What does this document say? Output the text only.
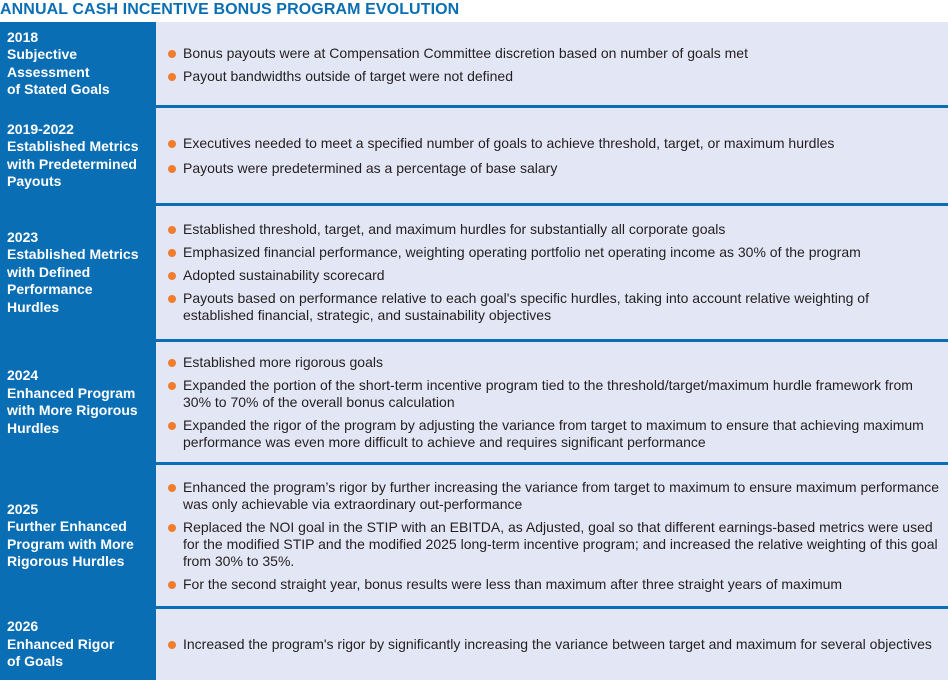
ANNUAL CASH INCENTIVE BONUS PROGRAM EVOLUTION
2018
Subjective
Assessment
of Stated Goals
Bonus payouts were at Compensation Committee discretion based on number of goals met
Payout bandwidths outside of target were not defined
2019-2022
Established Metrics
with Predetermined
Payouts
Executives needed to meet a specified number of goals to achieve threshold, target, or maximum hurdles
Payouts were predetermined as a percentage of base salary
2023
Established Metrics
with Defined
Performance Hurdles
Established threshold, target, and maximum hurdles for substantially all corporate goals
Emphasized financial performance, weighting operating portfolio net operating income as 30% of the program
Adopted sustainability scorecard
Payouts based on performance relative to each goal's specific hurdles, taking into account relative weighting of established financial, strategic, and sustainability objectives
2024
Enhanced Program
with More Rigorous
Hurdles
Established more rigorous goals
Expanded the portion of the short-term incentive program tied to the threshold/target/maximum hurdle framework from 30% to 70% of the overall bonus calculation
Expanded the rigor of the program by adjusting the variance from target to maximum to ensure that achieving maximum performance was even more difficult to achieve and requires significant performance
2025
Further Enhanced
Program with More
Rigorous Hurdles
Enhanced the program’s rigor by further increasing the variance from target to maximum to ensure maximum performance was only achievable via extraordinary out-performance
Replaced the NOI goal in the STIP with an EBITDA, as Adjusted, goal so that different earnings-based metrics were used for the modified STIP and the modified 2025 long-term incentive program; and increased the relative weighting of this goal from 30% to 35%.
For the second straight year, bonus results were less than maximum after three straight years of maximum
2026
Enhanced Rigor
of Goals
Increased the program's rigor by significantly increasing the variance between target and maximum for several objectives
